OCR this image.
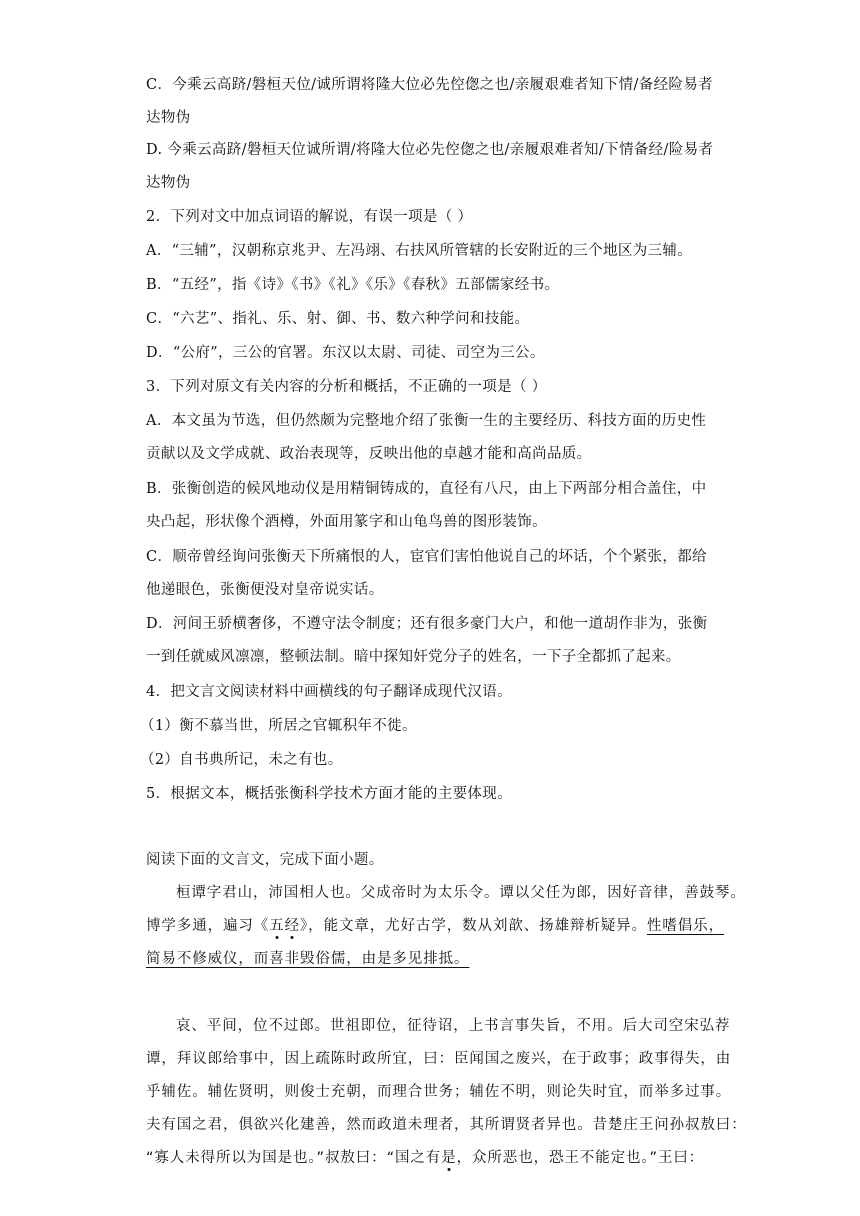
C．今乘云高跻/磐桓天位/诚所谓将隆大位必先倥偬之也/亲履艰难者知下情/备经险易者
达物伪
D. 今乘云高跻/磐桓天位诚所谓/将隆大位必先倥偬之也/亲履艰难者知/下情备经/险易者
达物伪
2．下列对文中加点词语的解说，有误一项是（ ）
A．“三辅”，汉朝称京兆尹、左冯翊、右扶风所管辖的长安附近的三个地区为三辅。
B．“五经”，指《诗》《书》《礼》《乐》《春秋》五部儒家经书。
C．“六艺”、指礼、乐、射、御、书、数六种学问和技能。
D．“公府”，三公的官署。东汉以太尉、司徒、司空为三公。
3．下列对原文有关内容的分析和概括，不正确的一项是（ ）
A．本文虽为节选，但仍然颇为完整地介绍了张衡一生的主要经历、科技方面的历史性
贡献以及文学成就、政治表现等，反映出他的卓越才能和高尚品质。
B．张衡创造的候风地动仪是用精铜铸成的，直径有八尺，由上下两部分相合盖住，中
央凸起，形状像个酒樽，外面用篆字和山龟鸟兽的图形装饰。
C．顺帝曾经询问张衡天下所痛恨的人，宦官们害怕他说自己的坏话，个个紧张，都给
他递眼色，张衡便没对皇帝说实话。
D．河间王骄横奢侈，不遵守法令制度；还有很多豪门大户，和他一道胡作非为，张衡
一到任就威风凛凛，整顿法制。暗中探知奸党分子的姓名，一下子全都抓了起来。
4．把文言文阅读材料中画横线的句子翻译成现代汉语。
（1）衡不慕当世，所居之官辄积年不徙。
（2）自书典所记，未之有也。
5．根据文本，概括张衡科学技术方面才能的主要体现。
阅读下面的文言文，完成下面小题。
桓谭字君山，沛国相人也。父成帝时为太乐令。谭以父任为郎，因好音律，善鼓琴。
博学多通，遍习《五经》，能文章，尤好古学，数从刘歆、扬雄辩析疑异。性嗜倡乐，
简易不修威仪，而喜非毁俗儒，由是多见排抵。
哀、平间，位不过郎。世祖即位，征待诏，上书言事失旨，不用。后大司空宋弘荐
谭，拜议郎给事中，因上疏陈时政所宜，曰：臣闻国之废兴，在于政事；政事得失，由
乎辅佐。辅佐贤明，则俊士充朝，而理合世务；辅佐不明，则论失时宜，而举多过事。
夫有国之君，俱欲兴化建善，然而政道未理者，其所谓贤者异也。昔楚庄王问孙叔敖曰：
“寡人未得所以为国是也。”叔敖曰：“国之有是，众所恶也，恐王不能定也。”王曰：
